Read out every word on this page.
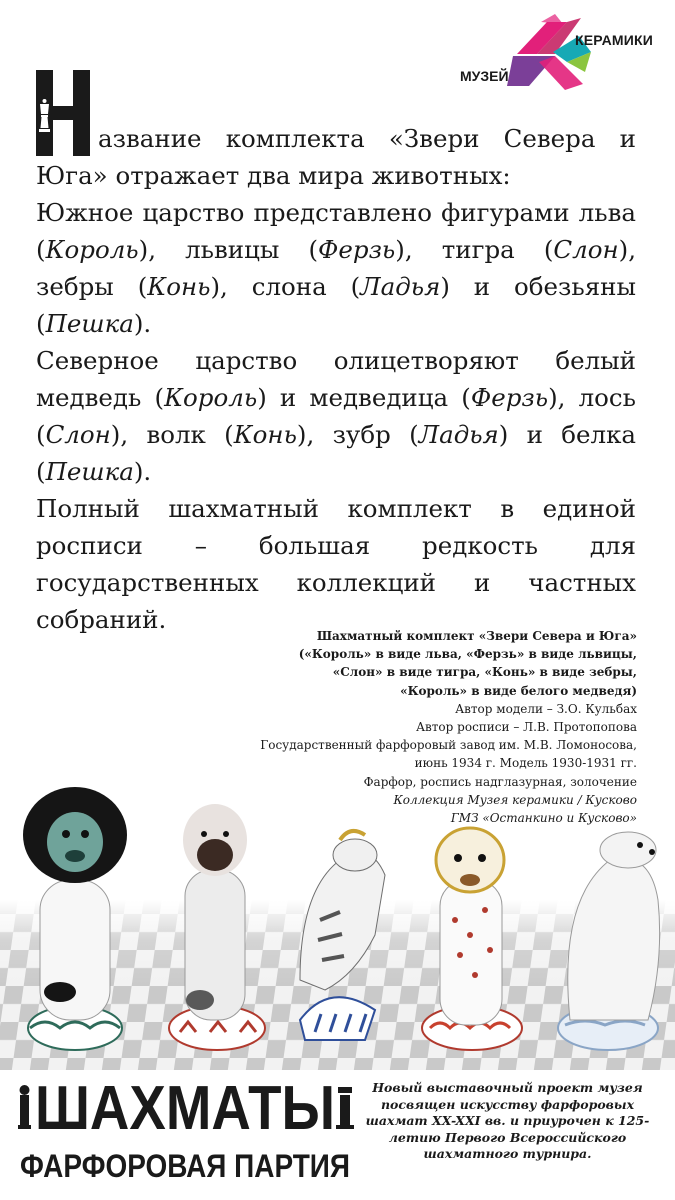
КЕРАМИКИ
МУЗЕЙ

азвание комплекта «Звери Севера и Юга» отражает два мира животных:

Южное царство представлено фигурами льва (Король), львицы (Ферзь), тигра (Слон), зебры (Конь), слона (Ладья) и обезьяны (Пешка).

Северное царство олицетворяют белый медведь (Король) и медведица (Ферзь), лось (Слон), волк (Конь), зубр (Ладья) и белка (Пешка).

Полный шахматный комплект в единой росписи – большая редкость для государственных коллекций и частных собраний.

Шахматный комплект «Звери Севера и Юга»
(«Король» в виде льва, «Ферзь» в виде львицы,
«Слон» в виде тигра, «Конь» в виде зебры,
«Король» в виде белого медведя)
Автор модели – З.О. Кульбах
Автор росписи – Л.В. Протопопова
Государственный фарфоровый завод им. М.В. Ломоносова,
июнь 1934 г. Модель 1930-1931 гг.
Фарфор, роспись надглазурная, золочение
Коллекция Музея керамики / Кусково
ГМЗ «Останкино и Кусково»
ШАХМАТЫ
ФАРФОРОВАЯ ПАРТИЯ
Новый выставочный проект музея посвящен искусству фарфоровых шахмат XX-XXI вв. и приурочен к 125-летию Первого Всероссийского шахматного турнира.
